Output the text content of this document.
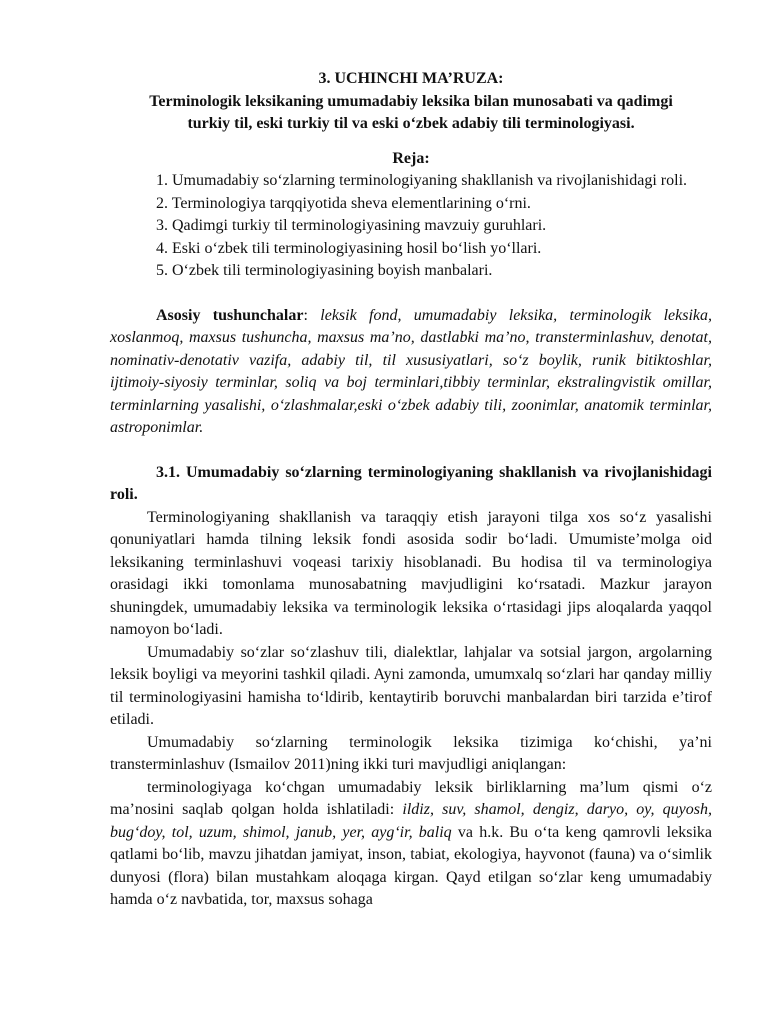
3. UCHINCHI MA’RUZA:
Terminologik leksikaning umumadabiy leksika bilan munosabati va qadimgi
turkiy til, eski turkiy til va eski o‘zbek adabiy tili terminologiyasi.
Reja:
1. Umumadabiy so‘zlarning terminologiyaning shakllanish va rivojlanishidagi roli.
2. Terminologiya tarqqiyotida sheva elementlarining o‘rni.
3. Qadimgi turkiy til terminologiyasining mavzuiy guruhlari.
4. Eski o‘zbek tili terminologiyasining hosil bo‘lish yo‘llari.
5. O‘zbek tili terminologiyasining boyish manbalari.
Asosiy tushunchalar: leksik fond, umumadabiy leksika, terminologik leksika, xoslanmoq, maxsus tushuncha, maxsus ma’no, dastlabki ma’no, transterminlashuv, denotat, nominativ-denotativ vazifa, adabiy til, til xususiyatlari, so‘z boylik, runik bitiktoshlar, ijtimoiy-siyosiy terminlar, soliq va boj terminlari,tibbiy terminlar, ekstralingvistik omillar, terminlarning yasalishi, o‘zlashmalar,eski o‘zbek adabiy tili, zoonimlar, anatomik terminlar, astroponimlar.
3.1. Umumadabiy so‘zlarning terminologiyaning shakllanish va rivojlanishidagi roli.
Terminologiyaning shakllanish va taraqqiy etish jarayoni tilga xos so‘z yasalishi qonuniyatlari hamda tilning leksik fondi asosida sodir bo‘ladi. Umumiste’molga oid leksikaning terminlashuvi voqeasi tarixiy hisoblanadi. Bu hodisa til va terminologiya orasidagi ikki tomonlama munosabatning mavjudligini ko‘rsatadi. Mazkur jarayon shuningdek, umumadabiy leksika va terminologik leksika o‘rtasidagi jips aloqalarda yaqqol namoyon bo‘ladi.
Umumadabiy so‘zlar so‘zlashuv tili, dialektlar, lahjalar va sotsial jargon, argolarning leksik boyligi va meyorini tashkil qiladi. Ayni zamonda, umumxalq so‘zlari har qanday milliy til terminologiyasini hamisha to‘ldirib, kentaytirib boruvchi manbalardan biri tarzida e’tirof etiladi.
Umumadabiy so‘zlarning terminologik leksika tizimiga ko‘chishi, ya’ni transterminlashuv (Ismailov 2011)ning ikki turi mavjudligi aniqlangan:
terminologiyaga ko‘chgan umumadabiy leksik birliklarning ma’lum qismi o‘z ma’nosini saqlab qolgan holda ishlatiladi: ildiz, suv, shamol, dengiz, daryo, oy, quyosh, bug‘doy, tol, uzum, shimol, janub, yer, ayg‘ir, baliq va h.k. Bu o‘ta keng qamrovli leksika qatlami bo‘lib, mavzu jihatdan jamiyat, inson, tabiat, ekologiya, hayvonot (fauna) va o‘simlik dunyosi (flora) bilan mustahkam aloqaga kirgan. Qayd etilgan so‘zlar keng umumadabiy hamda o‘z navbatida, tor, maxsus sohaga
